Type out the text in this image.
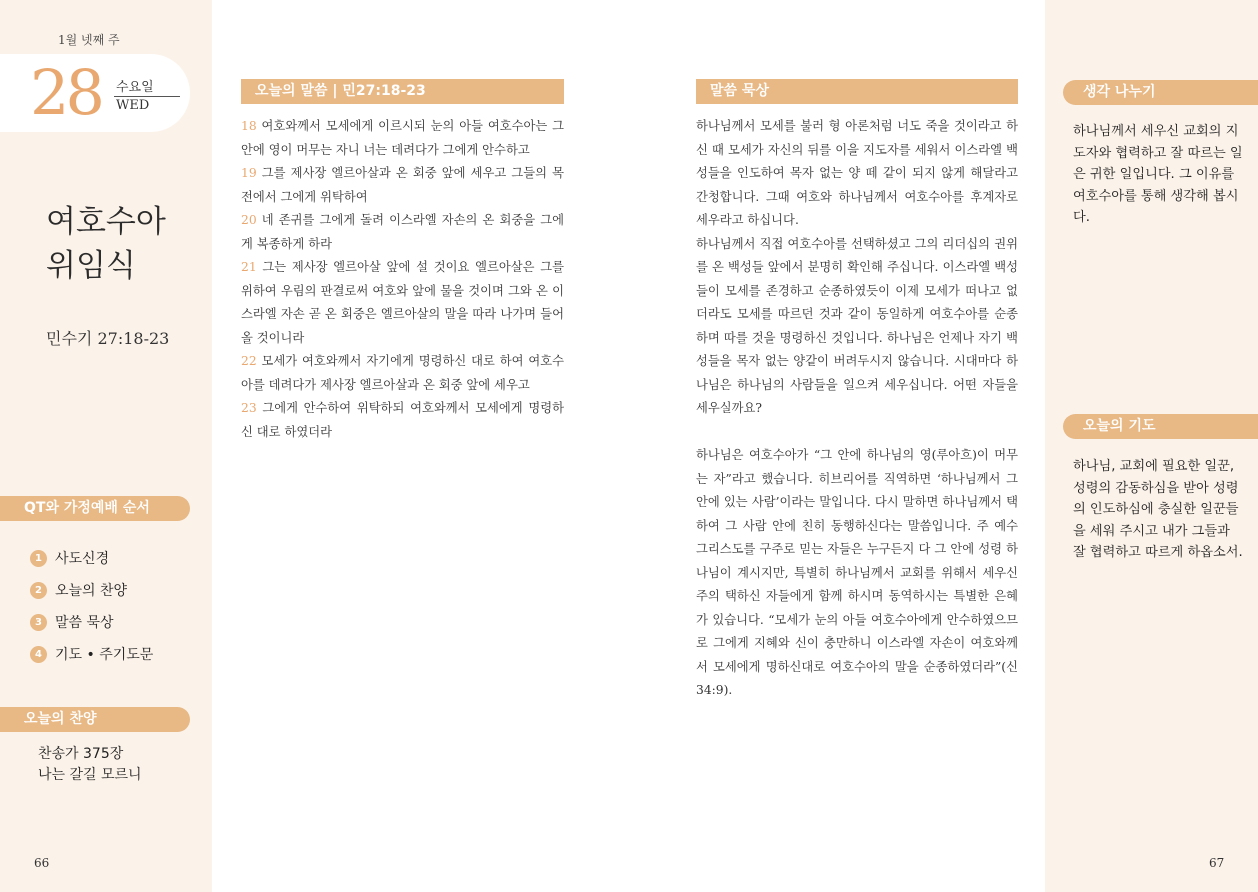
1월 넷째 주
28 수요일
WED
여호수아
위임식
민수기 27:18-23
QT와 가정예배 순서
1 사도신경
2 오늘의 찬양
3 말씀 묵상
4 기도 • 주기도문
오늘의 찬양
찬송가 375장
나는 갈길 모르니
66
오늘의 말씀 | 민27:18-23

18 여호와께서 모세에게 이르시되 눈의 아들 여호수아는 그 안에 영이 머무는 자니 너는 데려다가 그에게 안수하고

19 그를 제사장 엘르아살과 온 회중 앞에 세우고 그들의 목전에서 그에게 위탁하여

20 네 존귀를 그에게 돌려 이스라엘 자손의 온 회중을 그에게 복종하게 하라

21 그는 제사장 엘르아살 앞에 설 것이요 엘르아살은 그를 위하여 우림의 판결로써 여호와 앞에 물을 것이며 그와 온 이스라엘 자손 곧 온 회중은 엘르아살의 말을 따라 나가며 들어올 것이니라

22 모세가 여호와께서 자기에게 명령하신 대로 하여 여호수아를 데려다가 제사장 엘르아살과 온 회중 앞에 세우고

23 그에게 안수하여 위탁하되 여호와께서 모세에게 명령하신 대로 하였더라

말씀 묵상

하나님께서 모세를 불러 형 아론처럼 너도 죽을 것이라고 하신 때 모세가 자신의 뒤를 이을 지도자를 세워서 이스라엘 백성들을 인도하여 목자 없는 양 떼 같이 되지 않게 해달라고 간청합니다. 그때 여호와 하나님께서 여호수아를 후계자로 세우라고 하십니다.

하나님께서 직접 여호수아를 선택하셨고 그의 리더십의 권위를 온 백성들 앞에서 분명히 확인해 주십니다. 이스라엘 백성들이 모세를 존경하고 순종하였듯이 이제 모세가 떠나고 없더라도 모세를 따르던 것과 같이 동일하게 여호수아를 순종하며 따를 것을 명령하신 것입니다. 하나님은 언제나 자기 백성들을 목자 없는 양같이 버려두시지 않습니다. 시대마다 하나님은 하나님의 사람들을 일으켜 세우십니다. 어떤 자들을 세우실까요?

하나님은 여호수아가 “그 안에 하나님의 영(루아흐)이 머무는 자”라고 했습니다. 히브리어를 직역하면 ‘하나님께서 그 안에 있는 사람’이라는 말입니다. 다시 말하면 하나님께서 택하여 그 사람 안에 친히 동행하신다는 말씀입니다. 주 예수 그리스도를 구주로 믿는 자들은 누구든지 다 그 안에 성령 하나님이 계시지만, 특별히 하나님께서 교회를 위해서 세우신 주의 택하신 자들에게 함께 하시며 동역하시는 특별한 은혜가 있습니다. “모세가 눈의 아들 여호수아에게 안수하였으므로 그에게 지혜와 신이 충만하니 이스라엘 자손이 여호와께서 모세에게 명하신대로 여호수아의 말을 순종하였더라”(신 34:9).

생각 나누기
하나님께서 세우신 교회의 지도자와 협력하고 잘 따르는 일은 귀한 일입니다. 그 이유를 여호수아를 통해 생각해 봅시다.
오늘의 기도
하나님, 교회에 필요한 일꾼, 성령의 감동하심을 받아 성령의 인도하심에 충실한 일꾼들을 세워 주시고 내가 그들과 잘 협력하고 따르게 하옵소서.
67
